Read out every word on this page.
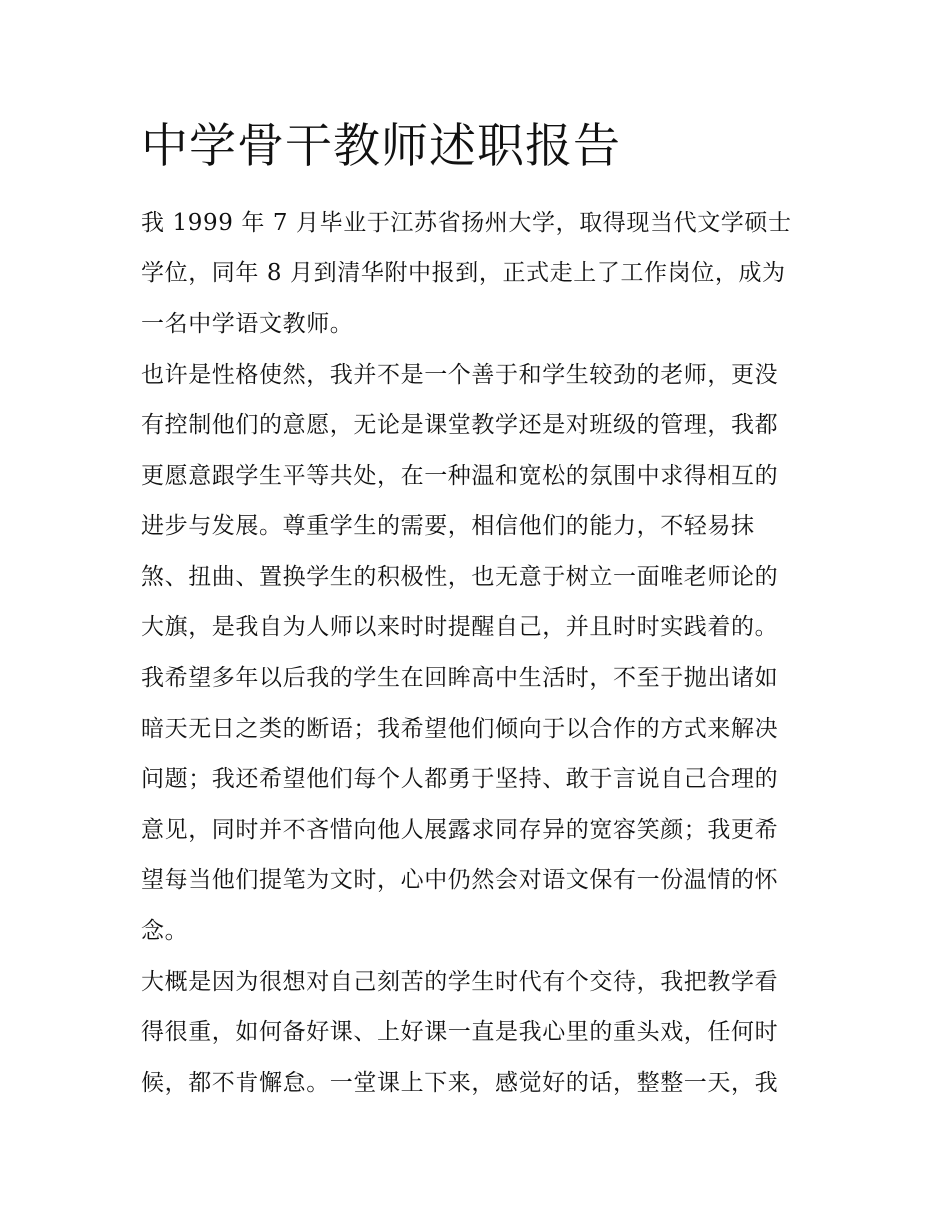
中学骨干教师述职报告

我 1999 年 7 月毕业于江苏省扬州大学，取得现当代文学硕士

学位，同年 8 月到清华附中报到，正式走上了工作岗位，成为

一名中学语文教师。

也许是性格使然，我并不是一个善于和学生较劲的老师，更没

有控制他们的意愿，无论是课堂教学还是对班级的管理，我都

更愿意跟学生平等共处，在一种温和宽松的氛围中求得相互的

进步与发展。尊重学生的需要，相信他们的能力，不轻易抹

煞、扭曲、置换学生的积极性，也无意于树立一面唯老师论的

大旗，是我自为人师以来时时提醒自己，并且时时实践着的。

我希望多年以后我的学生在回眸高中生活时，不至于抛出诸如

暗天无日之类的断语；我希望他们倾向于以合作的方式来解决

问题；我还希望他们每个人都勇于坚持、敢于言说自己合理的

意见，同时并不吝惜向他人展露求同存异的宽容笑颜；我更希

望每当他们提笔为文时，心中仍然会对语文保有一份温情的怀

念。

大概是因为很想对自己刻苦的学生时代有个交待，我把教学看

得很重，如何备好课、上好课一直是我心里的重头戏，任何时

候，都不肯懈怠。一堂课上下来，感觉好的话，整整一天，我
